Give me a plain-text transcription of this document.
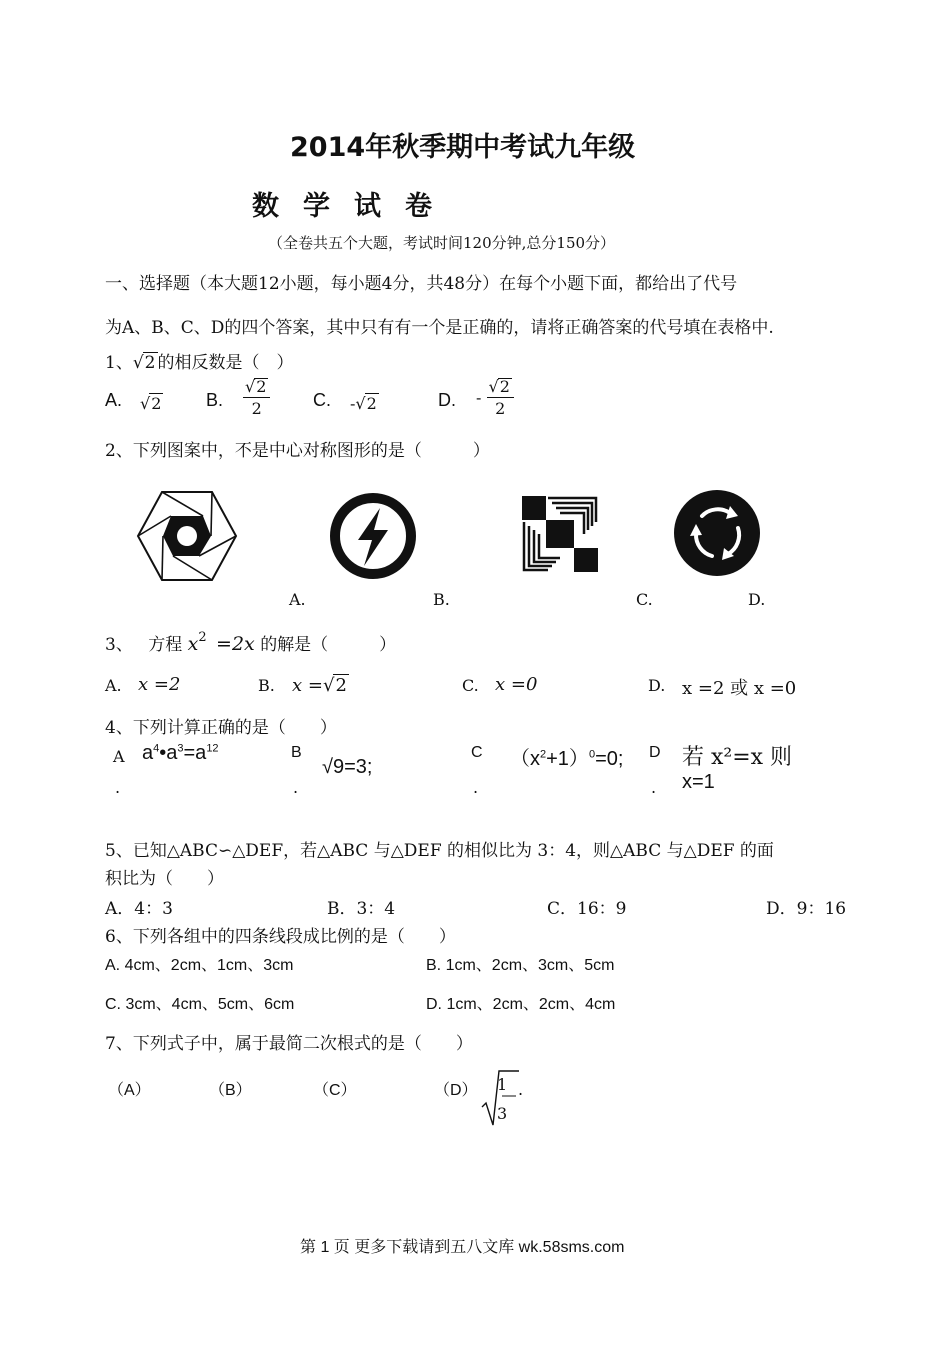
2014年秋季期中考试九年级
数学试卷
（全卷共五个大题，考试时间120分钟,总分150分）
一、选择题（本大题12小题，每小题4分，共48分）在每个小题下面，都给出了代号
为A、B、C、D的四个答案，其中只有有一个是正确的，请将正确答案的代号填在表格中.
1、√2 的相反数是（　）
A. √2 B. $\frac{√2}{2} C$. -√2	D. - $\frac{√2}{2}$
2、下列图案中，不是中心对称图形的是（　　　）
A.	B.	C.	D.
3、 方程 $x^2 =2x$ 的解是（　　　）
A. x =2	B. x =√2	C. x =0	D. x =2 或 x =0
4、下列计算正确的是（　　）
A $a^4•a^3=a^{12}$
.
B
√9=3;
.
C $(x^2+1)^0=0$;
.
D 若 x²=x 则
x=1
.
5、已知△ABC∽△DEF，若△ABC 与△DEF 的相似比为 3：4，则△ABC 与△DEF 的面
积比为（　　）
A．4：3	B．3：4	C．16：9	D．9：16
6、下列各组中的四条线段成比例的是（　　）
A. 4cm、2cm、1cm、3cm	B. 1cm、2cm、3cm、5cm
C. 3cm、4cm、5cm、6cm	D. 1cm、2cm、2cm、4cm
7、下列式子中，属于最简二次根式的是（　　）
（A）	（B）	（C）	（D） 1
3
.
第 1 页 更多下载请到五八文库 wk.58sms.com
